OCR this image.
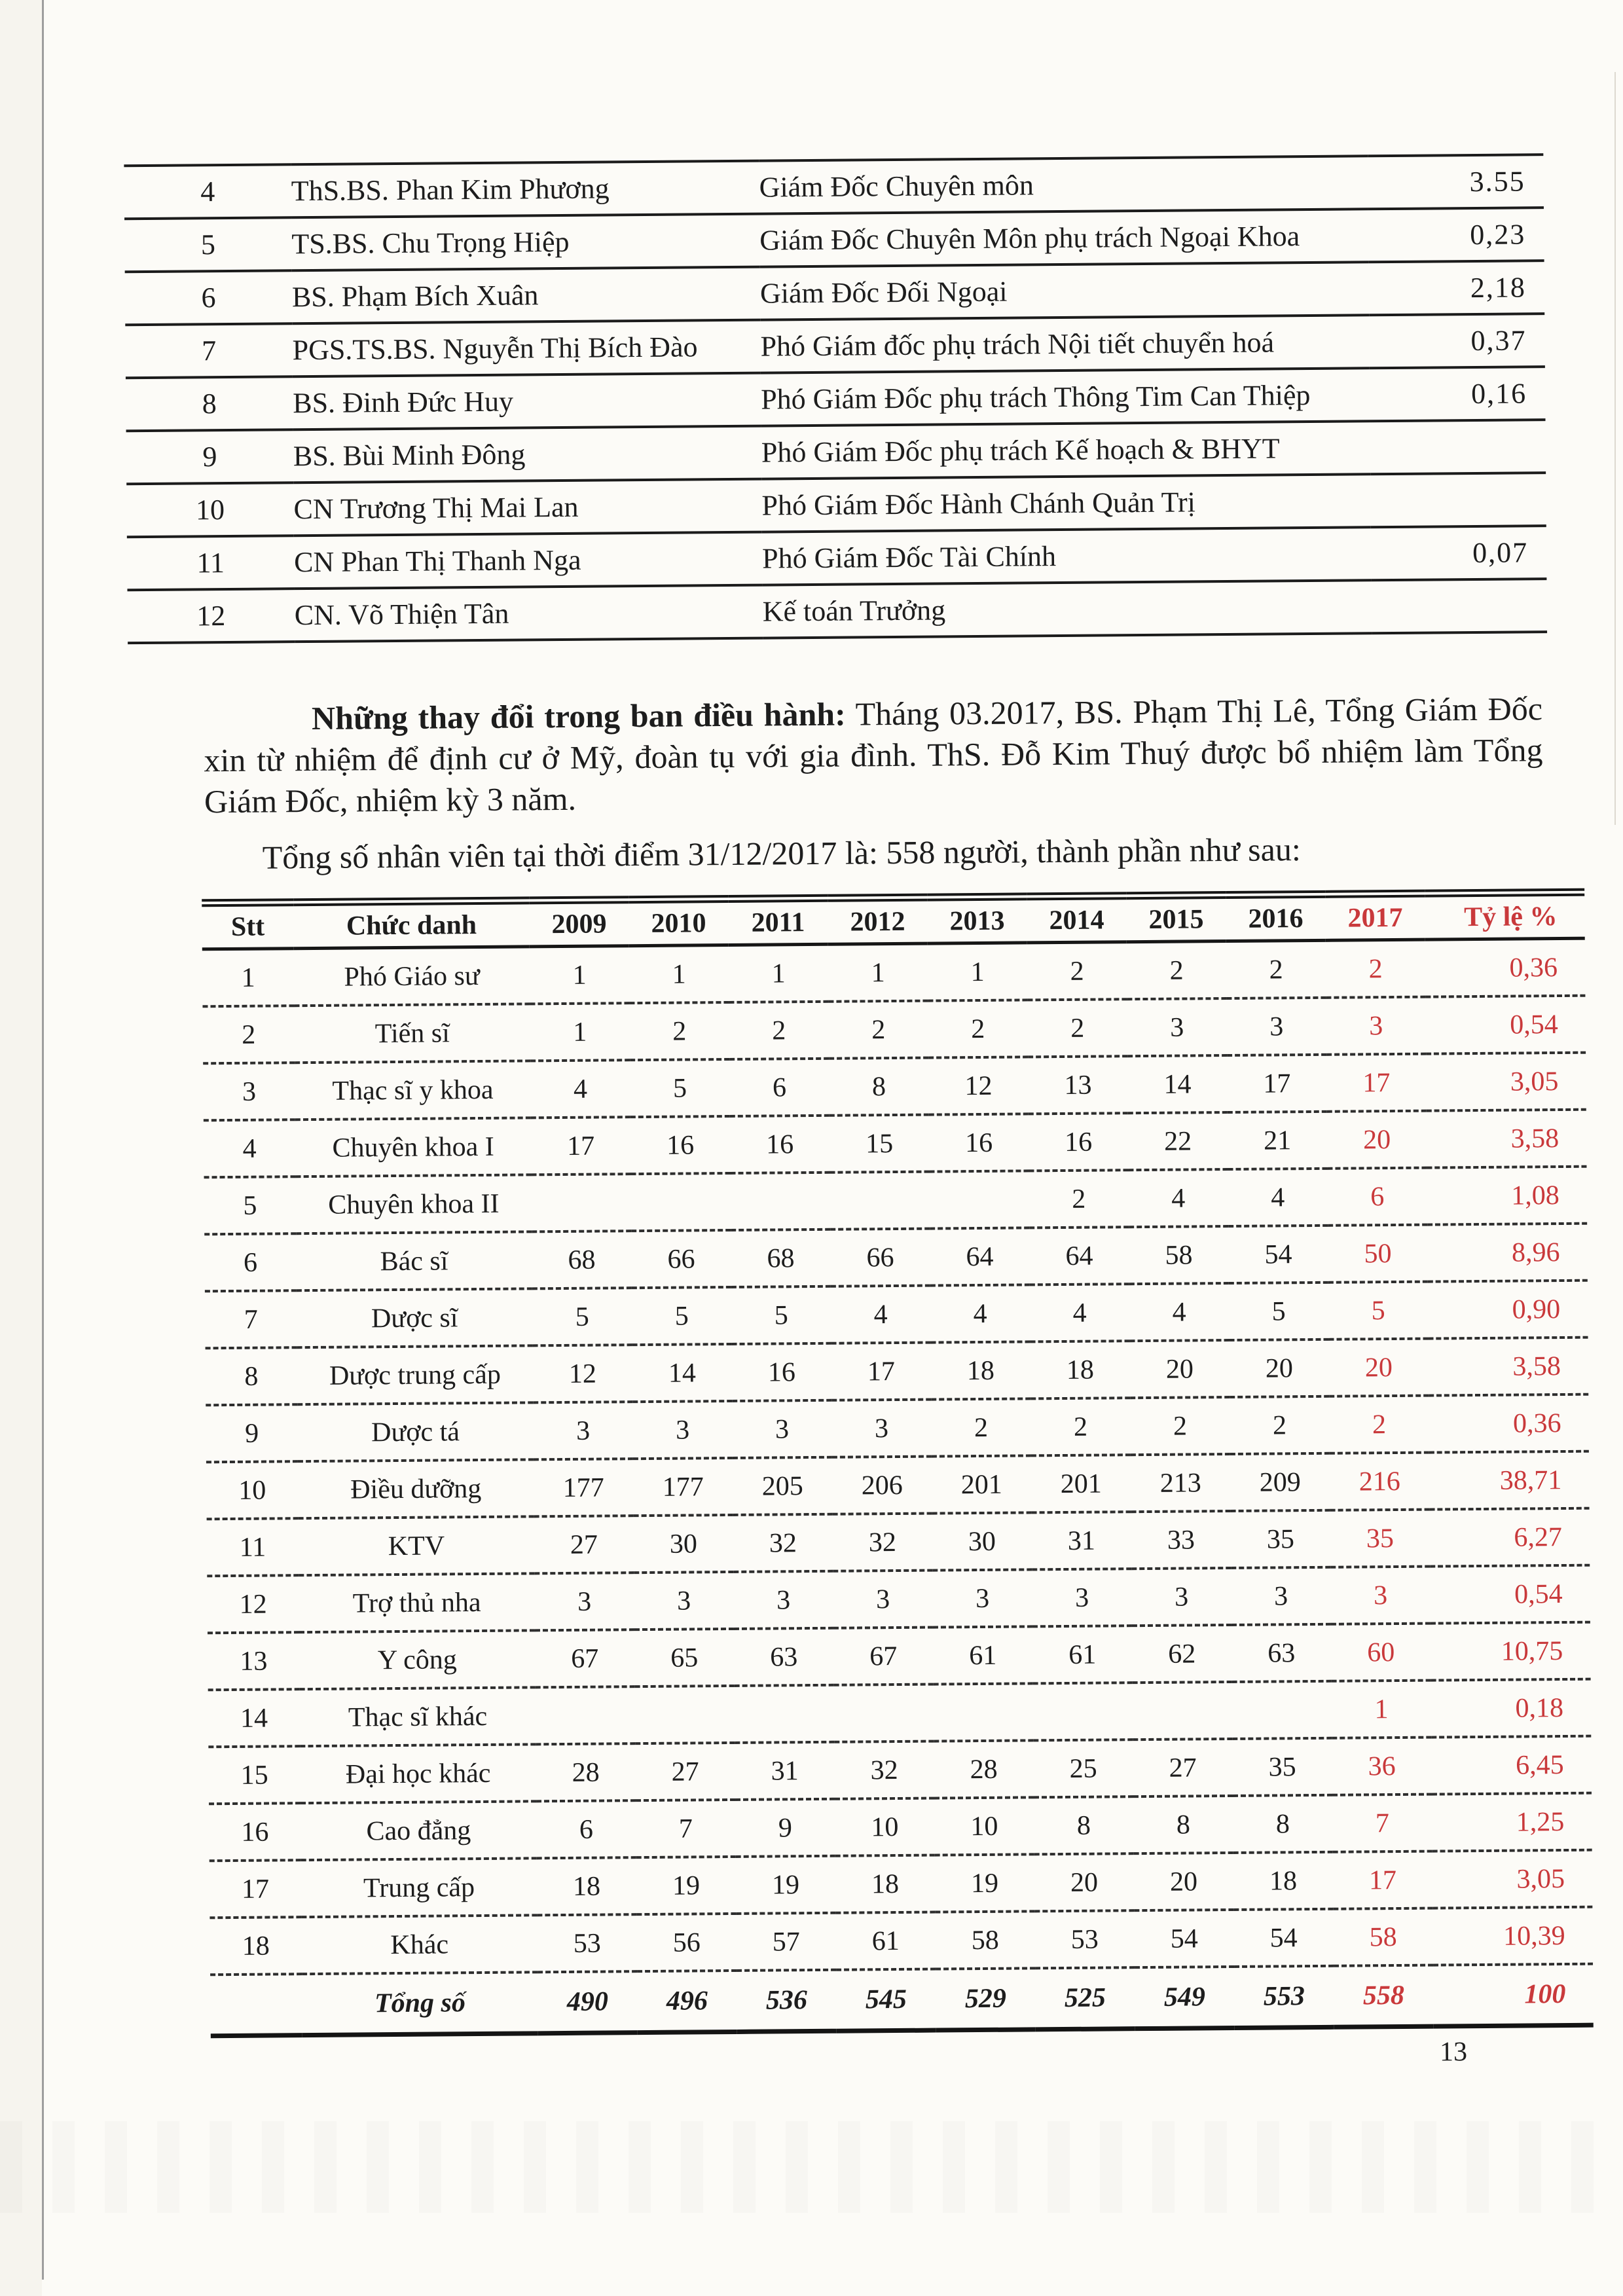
4	ThS.BS. Phan Kim Phương	Giám Đốc Chuyên môn	3.55
5	TS.BS. Chu Trọng Hiệp	Giám Đốc Chuyên Môn phụ trách Ngoại Khoa	0,23
6	BS. Phạm Bích Xuân	Giám Đốc Đối Ngoại	2,18
7	PGS.TS.BS. Nguyễn Thị Bích Đào	Phó Giám đốc phụ trách Nội tiết chuyển hoá	0,37
8	BS. Đinh Đức Huy	Phó Giám Đốc phụ trách Thông Tim Can Thiệp	0,16
9	BS. Bùi Minh Đông	Phó Giám Đốc phụ trách Kế hoạch & BHYT	
10	CN Trương Thị Mai Lan	Phó Giám Đốc Hành Chánh Quản Trị	
11	CN Phan Thị Thanh Nga	Phó Giám Đốc Tài Chính	0,07
12	CN. Võ Thiện Tân	Kế toán Trưởng	

Những thay đổi trong ban điều hành: Tháng 03.2017, BS. Phạm Thị Lê, Tổng Giám Đốc xin từ nhiệm để định cư ở Mỹ, đoàn tụ với gia đình. ThS. Đỗ Kim Thuý được bổ nhiệm làm Tổng Giám Đốc, nhiệm kỳ 3 năm.

Tổng số nhân viên tại thời điểm 31/12/2017 là: 558 người, thành phần như sau:

Stt	Chức danh	2009	2010	2011	2012	2013	2014	2015	2016	2017	Tỷ lệ %
1	Phó Giáo sư	1	1	1	1	1	2	2	2	2	0,36
2	Tiến sĩ	1	2	2	2	2	2	3	3	3	0,54
3	Thạc sĩ y khoa	4	5	6	8	12	13	14	17	17	3,05
4	Chuyên khoa I	17	16	16	15	16	16	22	21	20	3,58
5	Chuyên khoa II						2	4	4	6	1,08
6	Bác sĩ	68	66	68	66	64	64	58	54	50	8,96
7	Dược sĩ	5	5	5	4	4	4	4	5	5	0,90
8	Dược trung cấp	12	14	16	17	18	18	20	20	20	3,58
9	Dược tá	3	3	3	3	2	2	2	2	2	0,36
10	Điều dưỡng	177	177	205	206	201	201	213	209	216	38,71
11	KTV	27	30	32	32	30	31	33	35	35	6,27
12	Trợ thủ nha	3	3	3	3	3	3	3	3	3	0,54
13	Y công	67	65	63	67	61	61	62	63	60	10,75
14	Thạc sĩ khác									1	0,18
15	Đại học khác	28	27	31	32	28	25	27	35	36	6,45
16	Cao đẳng	6	7	9	10	10	8	8	8	7	1,25
17	Trung cấp	18	19	19	18	19	20	20	18	17	3,05
18	Khác	53	56	57	61	58	53	54	54	58	10,39
	Tổng số	490	496	536	545	529	525	549	553	558	100
13
